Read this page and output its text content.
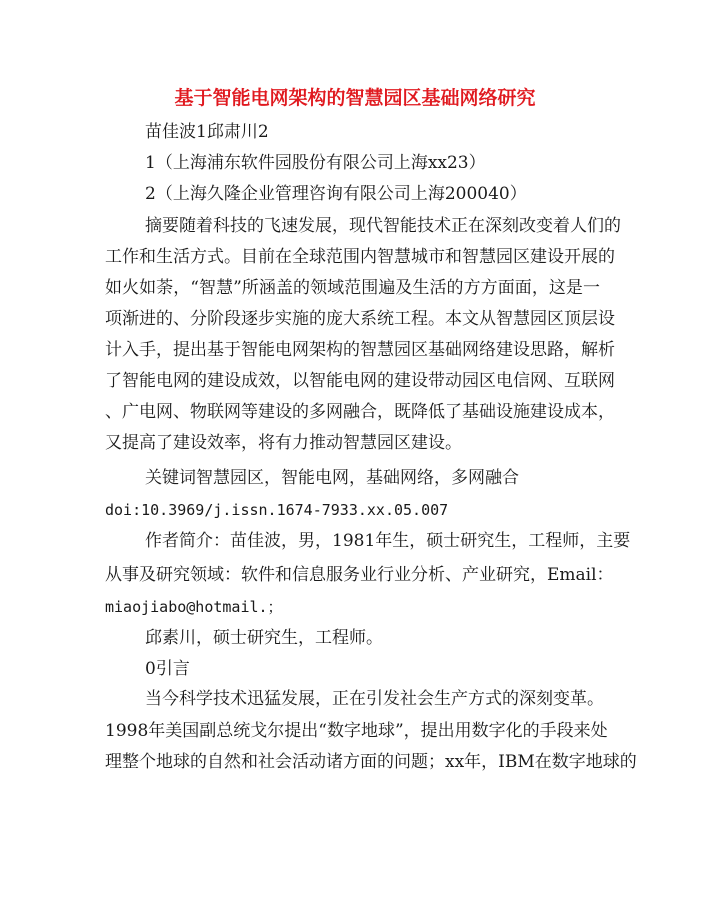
基于智能电网架构的智慧园区基础网络研究
苗佳波1邱肃川2
1（上海浦东软件园股份有限公司上海xx23）
2（上海久隆企业管理咨询有限公司上海200040）
摘要随着科技的飞速发展，现代智能技术正在深刻改变着人们的
工作和生活方式。目前在全球范围内智慧城市和智慧园区建设开展的
如火如荼，“智慧”所涵盖的领域范围遍及生活的方方面面，这是一
项渐进的、分阶段逐步实施的庞大系统工程。本文从智慧园区顶层设
计入手，提出基于智能电网架构的智慧园区基础网络建设思路，解析
了智能电网的建设成效，以智能电网的建设带动园区电信网、互联网
、广电网、物联网等建设的多网融合，既降低了基础设施建设成本，
又提高了建设效率，将有力推动智慧园区建设。
关键词智慧园区，智能电网，基础网络，多网融合
doi:10.3969/j.issn.1674-7933.xx.05.007
作者简介：苗佳波，男，1981年生，硕士研究生，工程师，主要
从事及研究领域：软件和信息服务业行业分析、产业研究，Email：
miaojiabo@hotmail.；
邱素川，硕士研究生，工程师。
0引言
当今科学技术迅猛发展，正在引发社会生产方式的深刻变革。
1998年美国副总统戈尔提出“数字地球”，提出用数字化的手段来处
理整个地球的自然和社会活动诸方面的问题；xx年，IBM在数字地球的
